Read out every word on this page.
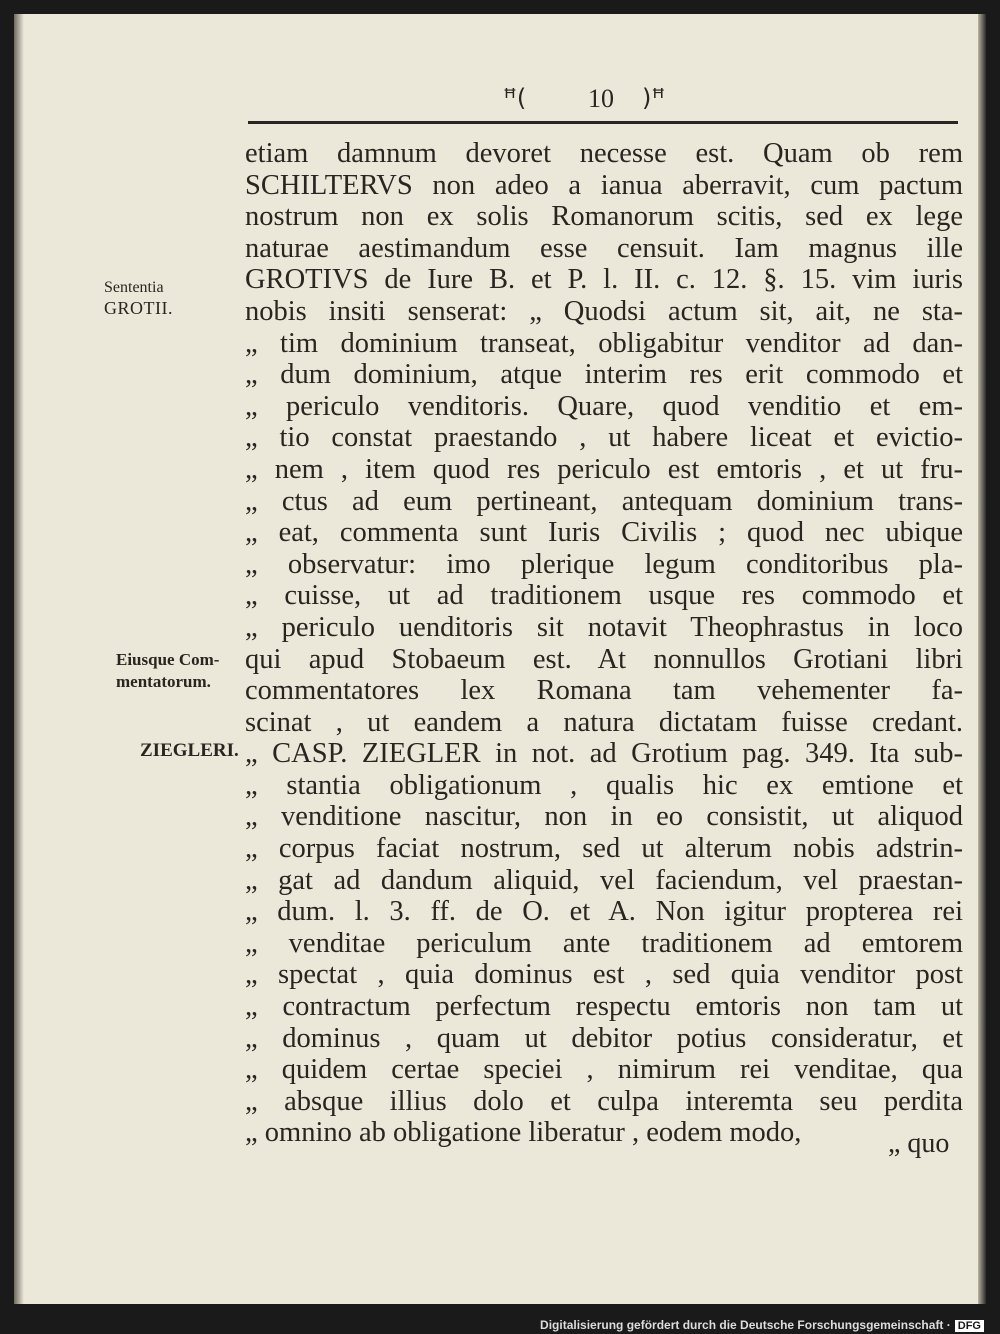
ꟸ( 10 )ꟸ
Sententia
GROTII.
Eiusque Com-
mentatorum.
ZIEGLERI.
etiam damnum devoret necesse est. Quam ob rem
SCHILTERVS non adeo a ianua aberravit, cum pactum
nostrum non ex solis Romanorum scitis, sed ex lege
naturae aestimandum esse censuit. Iam magnus ille
GROTIVS de Iure B. et P. l. II. c. 12. §. 15. vim iuris
nobis insiti senserat: „ Quodsi actum sit, ait, ne sta-
„ tim dominium transeat, obligabitur venditor ad dan-
„ dum dominium, atque interim res erit commodo et
„ periculo venditoris. Quare, quod venditio et em-
„ tio constat praestando , ut habere liceat et evictio-
„ nem , item quod res periculo est emtoris , et ut fru-
„ ctus ad eum pertineant, antequam dominium trans-
„ eat, commenta sunt Iuris Civilis ; quod nec ubique
„ observatur: imo plerique legum conditoribus pla-
„ cuisse, ut ad traditionem usque res commodo et
„ periculo uenditoris sit notavit Theophrastus in loco
qui apud Stobaeum est. At nonnullos Grotiani libri
commentatores lex Romana tam vehementer fa-
scinat , ut eandem a natura dictatam fuisse credant.
„ CASP. ZIEGLER in not. ad Grotium pag. 349. Ita sub-
„ stantia obligationum , qualis hic ex emtione et
„ venditione nascitur, non in eo consistit, ut aliquod
„ corpus faciat nostrum, sed ut alterum nobis adstrin-
„ gat ad dandum aliquid, vel faciendum, vel praestan-
„ dum. l. 3. ff. de O. et A. Non igitur propterea rei
„ venditae periculum ante traditionem ad emtorem
„ spectat , quia dominus est , sed quia venditor post
„ contractum perfectum respectu emtoris non tam ut
„ dominus , quam ut debitor potius consideratur, et
„ quidem certae speciei , nimirum rei venditae, qua
„ absque illius dolo et culpa interemta seu perdita
„ omnino ab obligatione liberatur , eodem modo,	„ quo
Digitalisierung gefördert durch die Deutsche Forschungsgemeinschaft · DFG
